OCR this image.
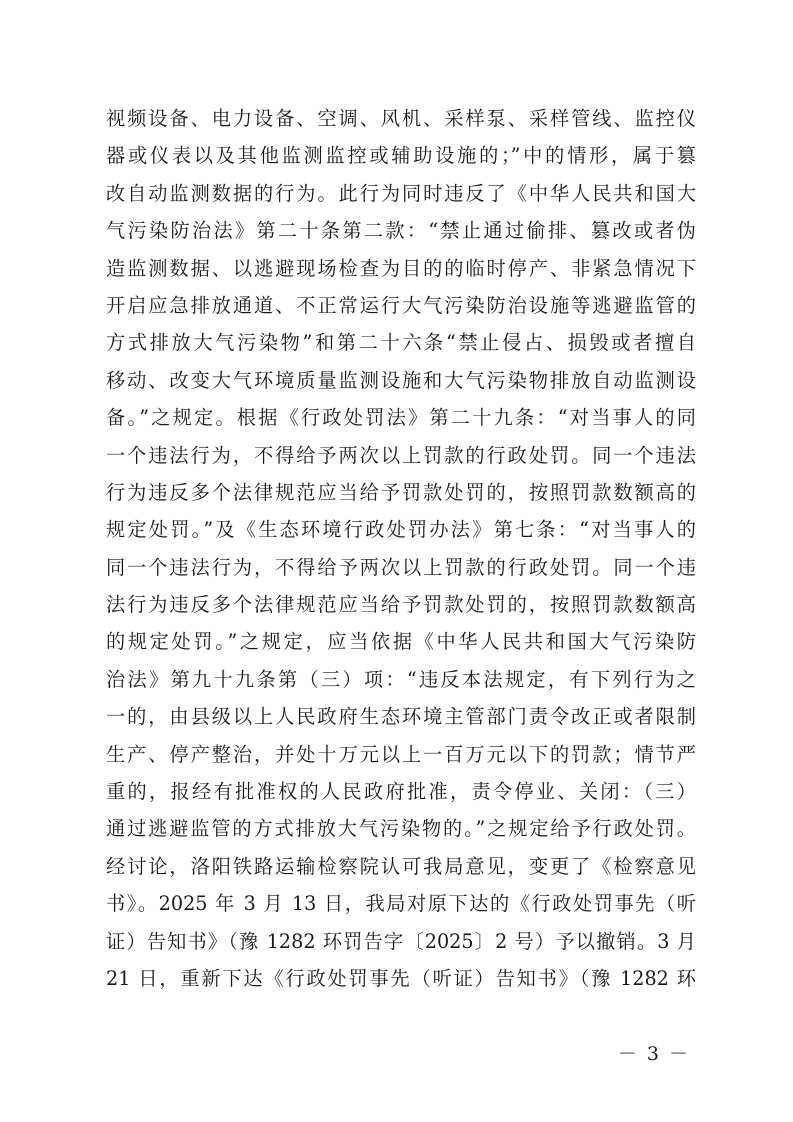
视频设备、电力设备、空调、风机、采样泵、采样管线、监控仪
器或仪表以及其他监测监控或辅助设施的；”中的情形，属于篡
改自动监测数据的行为。此行为同时违反了《中华人民共和国大
气污染防治法》第二十条第二款：“禁止通过偷排、篡改或者伪
造监测数据、以逃避现场检查为目的的临时停产、非紧急情况下
开启应急排放通道、不正常运行大气污染防治设施等逃避监管的
方式排放大气污染物”和第二十六条“禁止侵占、损毁或者擅自
移动、改变大气环境质量监测设施和大气污染物排放自动监测设
备。”之规定。根据《行政处罚法》第二十九条：“对当事人的同
一个违法行为，不得给予两次以上罚款的行政处罚。同一个违法
行为违反多个法律规范应当给予罚款处罚的，按照罚款数额高的
规定处罚。”及《生态环境行政处罚办法》第七条：“对当事人的
同一个违法行为，不得给予两次以上罚款的行政处罚。同一个违
法行为违反多个法律规范应当给予罚款处罚的，按照罚款数额高
的规定处罚。”之规定，应当依据《中华人民共和国大气污染防
治法》第九十九条第（三）项：“违反本法规定，有下列行为之
一的，由县级以上人民政府生态环境主管部门责令改正或者限制
生产、停产整治，并处十万元以上一百万元以下的罚款；情节严
重的，报经有批准权的人民政府批准，责令停业、关闭：（三）
通过逃避监管的方式排放大气污染物的。”之规定给予行政处罚。
经讨论，洛阳铁路运输检察院认可我局意见，变更了《检察意见
书》。2025 年 3 月 13 日，我局对原下达的《行政处罚事先（听
证）告知书》（豫 1282 环罚告字〔2025〕2 号）予以撤销。3 月
21 日，重新下达《行政处罚事先（听证）告知书》（豫 1282 环
－ 3 －
